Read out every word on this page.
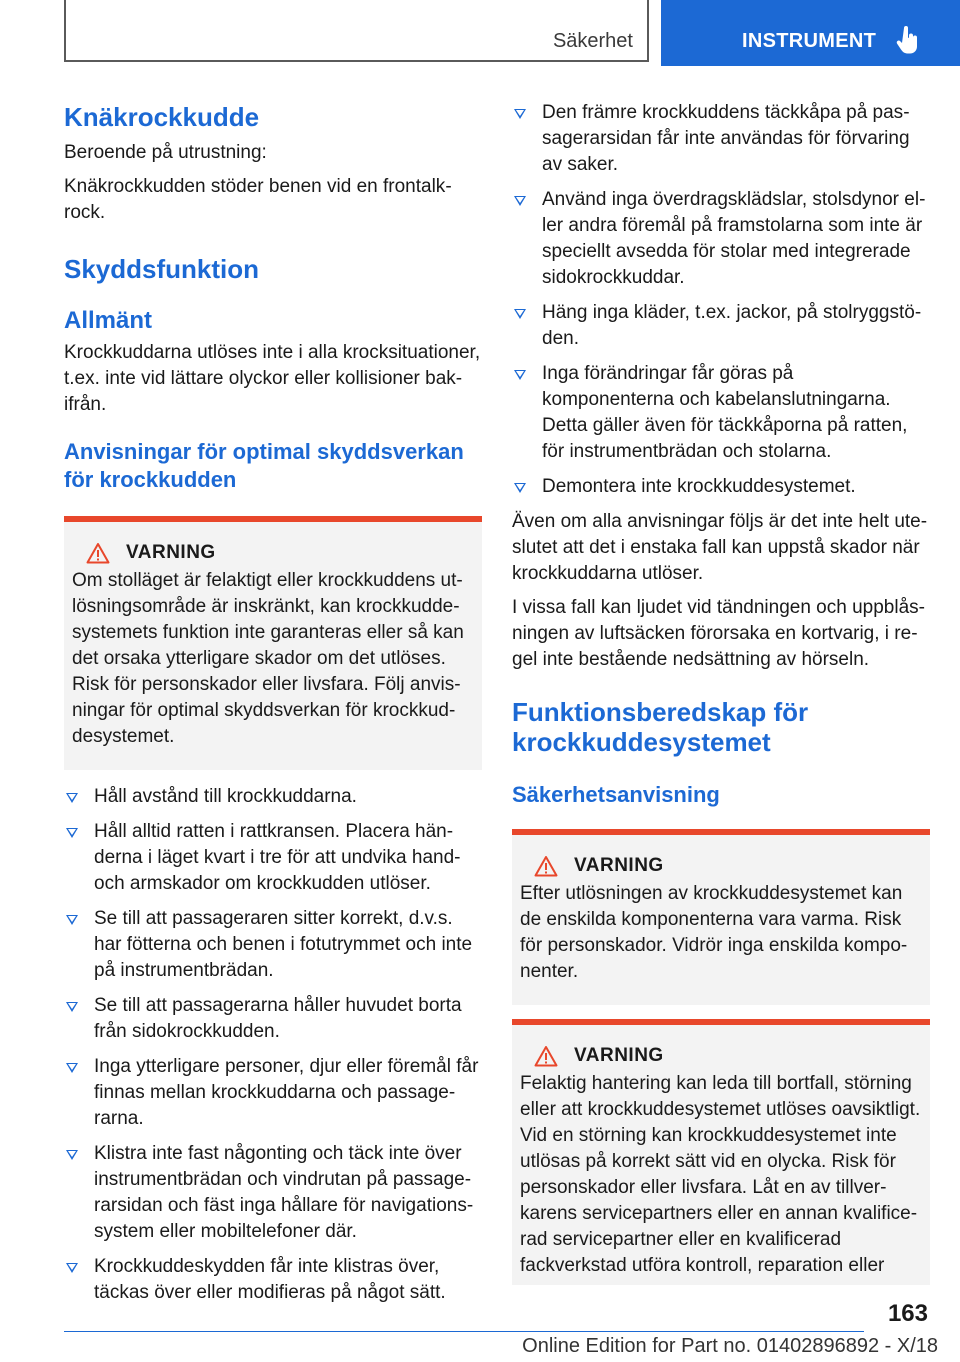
Säkerhet	INSTRUMENT
Knäkrockkudde

Beroende på utrustning:

Knäkrockkudden stöder benen vid en frontalkrock.

Skyddsfunktion
Allmänt

Krockkuddarna utlöses inte i alla krocksituationer, t.ex. inte vid lättare olyckor eller kollisioner bakifrån.

Anvisningar för optimal skyddsverkan för krockkudden
VARNING

Om stolläget är felaktigt eller krockkuddens utlösningsområde är inskränkt, kan krockkuddesystemets funktion inte garanteras eller så kan det orsaka ytterligare skador om det utlöses. Risk för personskador eller livsfara. Följ anvisningar för optimal skyddsverkan för krockkuddesystemet.

Håll avstånd till krockkuddarna.
Håll alltid ratten i rattkransen. Placera händerna i läget kvart i tre för att undvika hand- och armskador om krockkudden utlöser.
Se till att passageraren sitter korrekt, d.v.s. har fötterna och benen i fotutrymmet och inte på instrumentbrädan.
Se till att passagerarna håller huvudet borta från sidokrockkudden.
Inga ytterligare personer, djur eller föremål får finnas mellan krockkuddarna och passagerarna.
Klistra inte fast någonting och täck inte över instrumentbrädan och vindrutan på passagerarsidan och fäst inga hållare för navigationssystem eller mobiltelefoner där.
Krockkuddeskydden får inte klistras över, täckas över eller modifieras på något sätt.
Den främre krockkuddens täckkåpa på passagerarsidan får inte användas för förvaring av saker.
Använd inga överdragsklädslar, stolsdynor eller andra föremål på framstolarna som inte är speciellt avsedda för stolar med integrerade sidokrockkuddar.
Häng inga kläder, t.ex. jackor, på stolryggstöden.
Inga förändringar får göras på komponenterna och kabelanslutningarna. Detta gäller även för täckkåporna på ratten, för instrumentbrädan och stolarna.
Demontera inte krockkuddesystemet.

Även om alla anvisningar följs är det inte helt uteslutet att det i enstaka fall kan uppstå skador när krockkuddarna utlöser.

I vissa fall kan ljudet vid tändningen och uppblåsningen av luftsäcken förorsaka en kortvarig, i regel inte bestående nedsättning av hörseln.

Funktionsberedskap för krockkuddesystemet
Säkerhetsanvisning
VARNING

Efter utlösningen av krockkuddesystemet kan de enskilda komponenterna vara varma. Risk för personskador. Vidrör inga enskilda komponenter.

VARNING

Felaktig hantering kan leda till bortfall, störning eller att krockkuddesystemet utlöses oavsiktligt. Vid en störning kan krockkuddesystemet inte utlösas på korrekt sätt vid en olycka. Risk för personskador eller livsfara. Låt en av tillverkarens servicepartners eller en annan kvalificerad servicepartner eller en kvalificerad fackverkstad utföra kontroll, reparation eller

163
Online Edition for Part no. 01402896892 - X/18
